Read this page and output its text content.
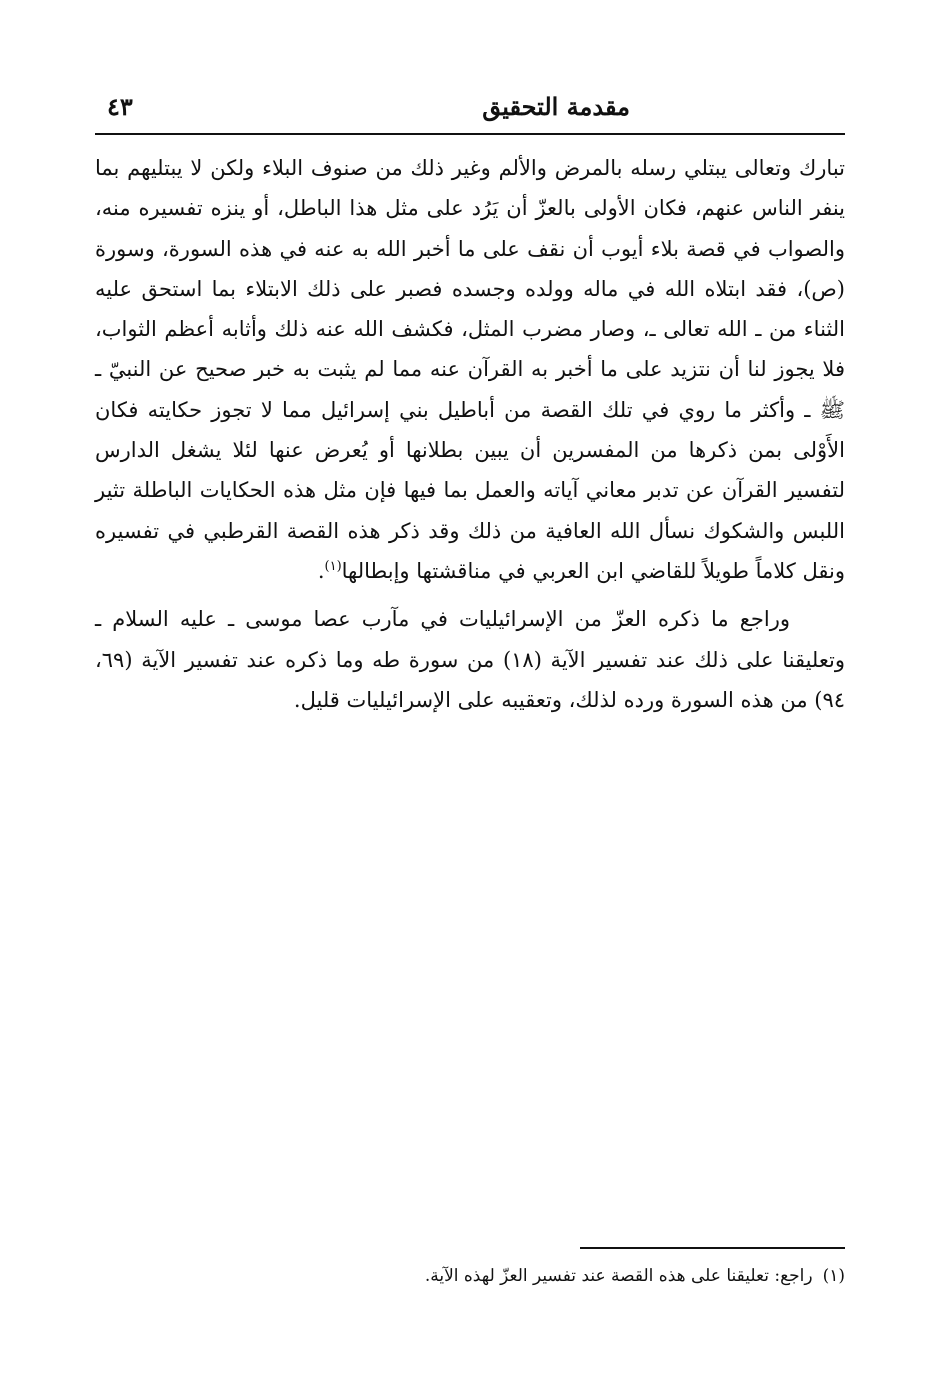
مقدمة التحقيق
٤٣

تبارك وتعالى يبتلي رسله بالمرض والألم وغير ذلك من صنوف البلاء ولكن لا يبتليهم بما ينفر الناس عنهم، فكان الأولى بالعزّ أن يَرُد على مثل هذا الباطل، أو ينزه تفسيره منه، والصواب في قصة بلاء أيوب أن نقف على ما أخبر الله به عنه في هذه السورة، وسورة (ص)، فقد ابتلاه الله في ماله وولده وجسده فصبر على ذلك الابتلاء بما استحق عليه الثناء من ـ الله تعالى ـ، وصار مضرب المثل، فكشف الله عنه ذلك وأثابه أعظم الثواب، فلا يجوز لنا أن نتزيد على ما أخبر به القرآن عنه مما لم يثبت به خبر صحيح عن النبيّ ـ ﷺ ـ وأكثر ما روي في تلك القصة من أباطيل بني إسرائيل مما لا تجوز حكايته فكان الأَوْلى بمن ذكرها من المفسرين أن يبين بطلانها أو يُعرض عنها لئلا يشغل الدارس لتفسير القرآن عن تدبر معاني آياته والعمل بما فيها فإن مثل هذه الحكايات الباطلة تثير اللبس والشكوك نسأل الله العافية من ذلك وقد ذكر هذه القصة القرطبي في تفسيره ونقل كلاماً طويلاً للقاضي ابن العربي في مناقشتها وإبطالها$^{(١)}$.

وراجع ما ذكره العزّ من الإسرائيليات في مآرب عصا موسى ـ عليه السلام ـ وتعليقنا على ذلك عند تفسير الآية (١٨) من سورة طه وما ذكره عند تفسير الآية (٦٩، ٩٤) من هذه السورة ورده لذلك، وتعقيبه على الإسرائيليات قليل.

(١)راجع: تعليقنا على هذه القصة عند تفسير العزّ لهذه الآية.
